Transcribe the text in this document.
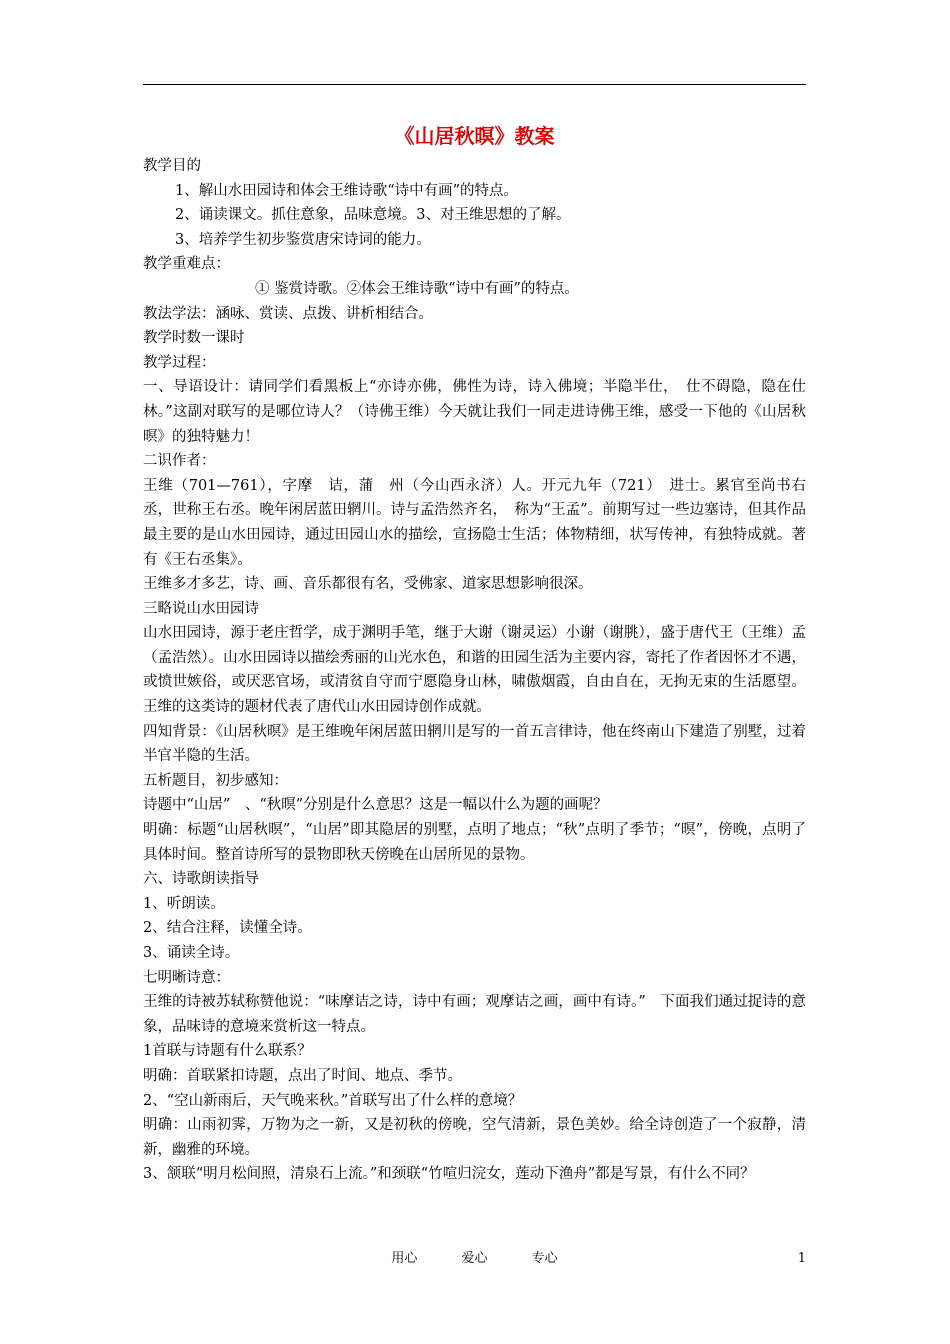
《山居秋暝》教案

教学目的

1、解山水田园诗和体会王维诗歌“诗中有画”的特点。

2、诵读课文。抓住意象，品味意境。3、对王维思想的了解。

3、培养学生初步鉴赏唐宋诗词的能力。

教学重难点：

① 鉴赏诗歌。②体会王维诗歌“诗中有画”的特点。

教法学法：涵咏、赏读、点拨、讲析相结合。

教学时数一课时

教学过程：

一、导语设计：请同学们看黑板上“亦诗亦佛，佛性为诗，诗入佛境；半隐半仕，　仕不碍隐，隐在仕林。”这副对联写的是哪位诗人？（诗佛王维）今天就让我们一同走进诗佛王维，感受一下他的《山居秋暝》的独特魅力！

二识作者：

王维（701—761），字摩　诘，蒲　州（今山西永济）人。开元九年（721）　进士。累官至尚书右丞，世称王右丞。晚年闲居蓝田辋川。诗与孟浩然齐名，　称为“王孟”。前期写过一些边塞诗，但其作品最主要的是山水田园诗，通过田园山水的描绘，宣扬隐士生活；体物精细，状写传神，有独特成就。著有《王右丞集》。

王维多才多艺，诗、画、音乐都很有名，受佛家、道家思想影响很深。

三略说山水田园诗

山水田园诗，源于老庄哲学，成于渊明手笔，继于大谢（谢灵运）小谢（谢朓），盛于唐代王（王维）孟（孟浩然）。山水田园诗以描绘秀丽的山光水色，和谐的田园生活为主要内容，寄托了作者因怀才不遇，或愤世嫉俗，或厌恶官场，或清贫自守而宁愿隐身山林，啸傲烟霞，自由自在，无拘无束的生活愿望。王维的这类诗的题材代表了唐代山水田园诗创作成就。

四知背景：《山居秋暝》是王维晚年闲居蓝田辋川是写的一首五言律诗，他在终南山下建造了别墅，过着半官半隐的生活。

五析题目，初步感知：

诗题中“山居”　、“秋暝”分别是什么意思？这是一幅以什么为题的画呢？

明确：标题“山居秋暝”，“山居”即其隐居的别墅，点明了地点；“秋”点明了季节；“暝”，傍晚，点明了具体时间。整首诗所写的景物即秋天傍晚在山居所见的景物。

六、诗歌朗读指导

1、听朗读。

2、结合注释，读懂全诗。

3、诵读全诗。

七明晰诗意：

王维的诗被苏轼称赞他说：“味摩诘之诗，诗中有画；观摩诘之画，画中有诗。”　下面我们通过捉诗的意象，品味诗的意境来赏析这一特点。

1首联与诗题有什么联系？

明确：首联紧扣诗题，点出了时间、地点、季节。

2、“空山新雨后，天气晚来秋。”首联写出了什么样的意境？

明确：山雨初霁，万物为之一新，又是初秋的傍晚，空气清新，景色美妙。给全诗创造了一个寂静，清新，幽雅的环境。

3、颔联“明月松间照，清泉石上流。”和颈联“竹喧归浣女，莲动下渔舟”都是写景，有什么不同？

用心	爱心	专心	1
